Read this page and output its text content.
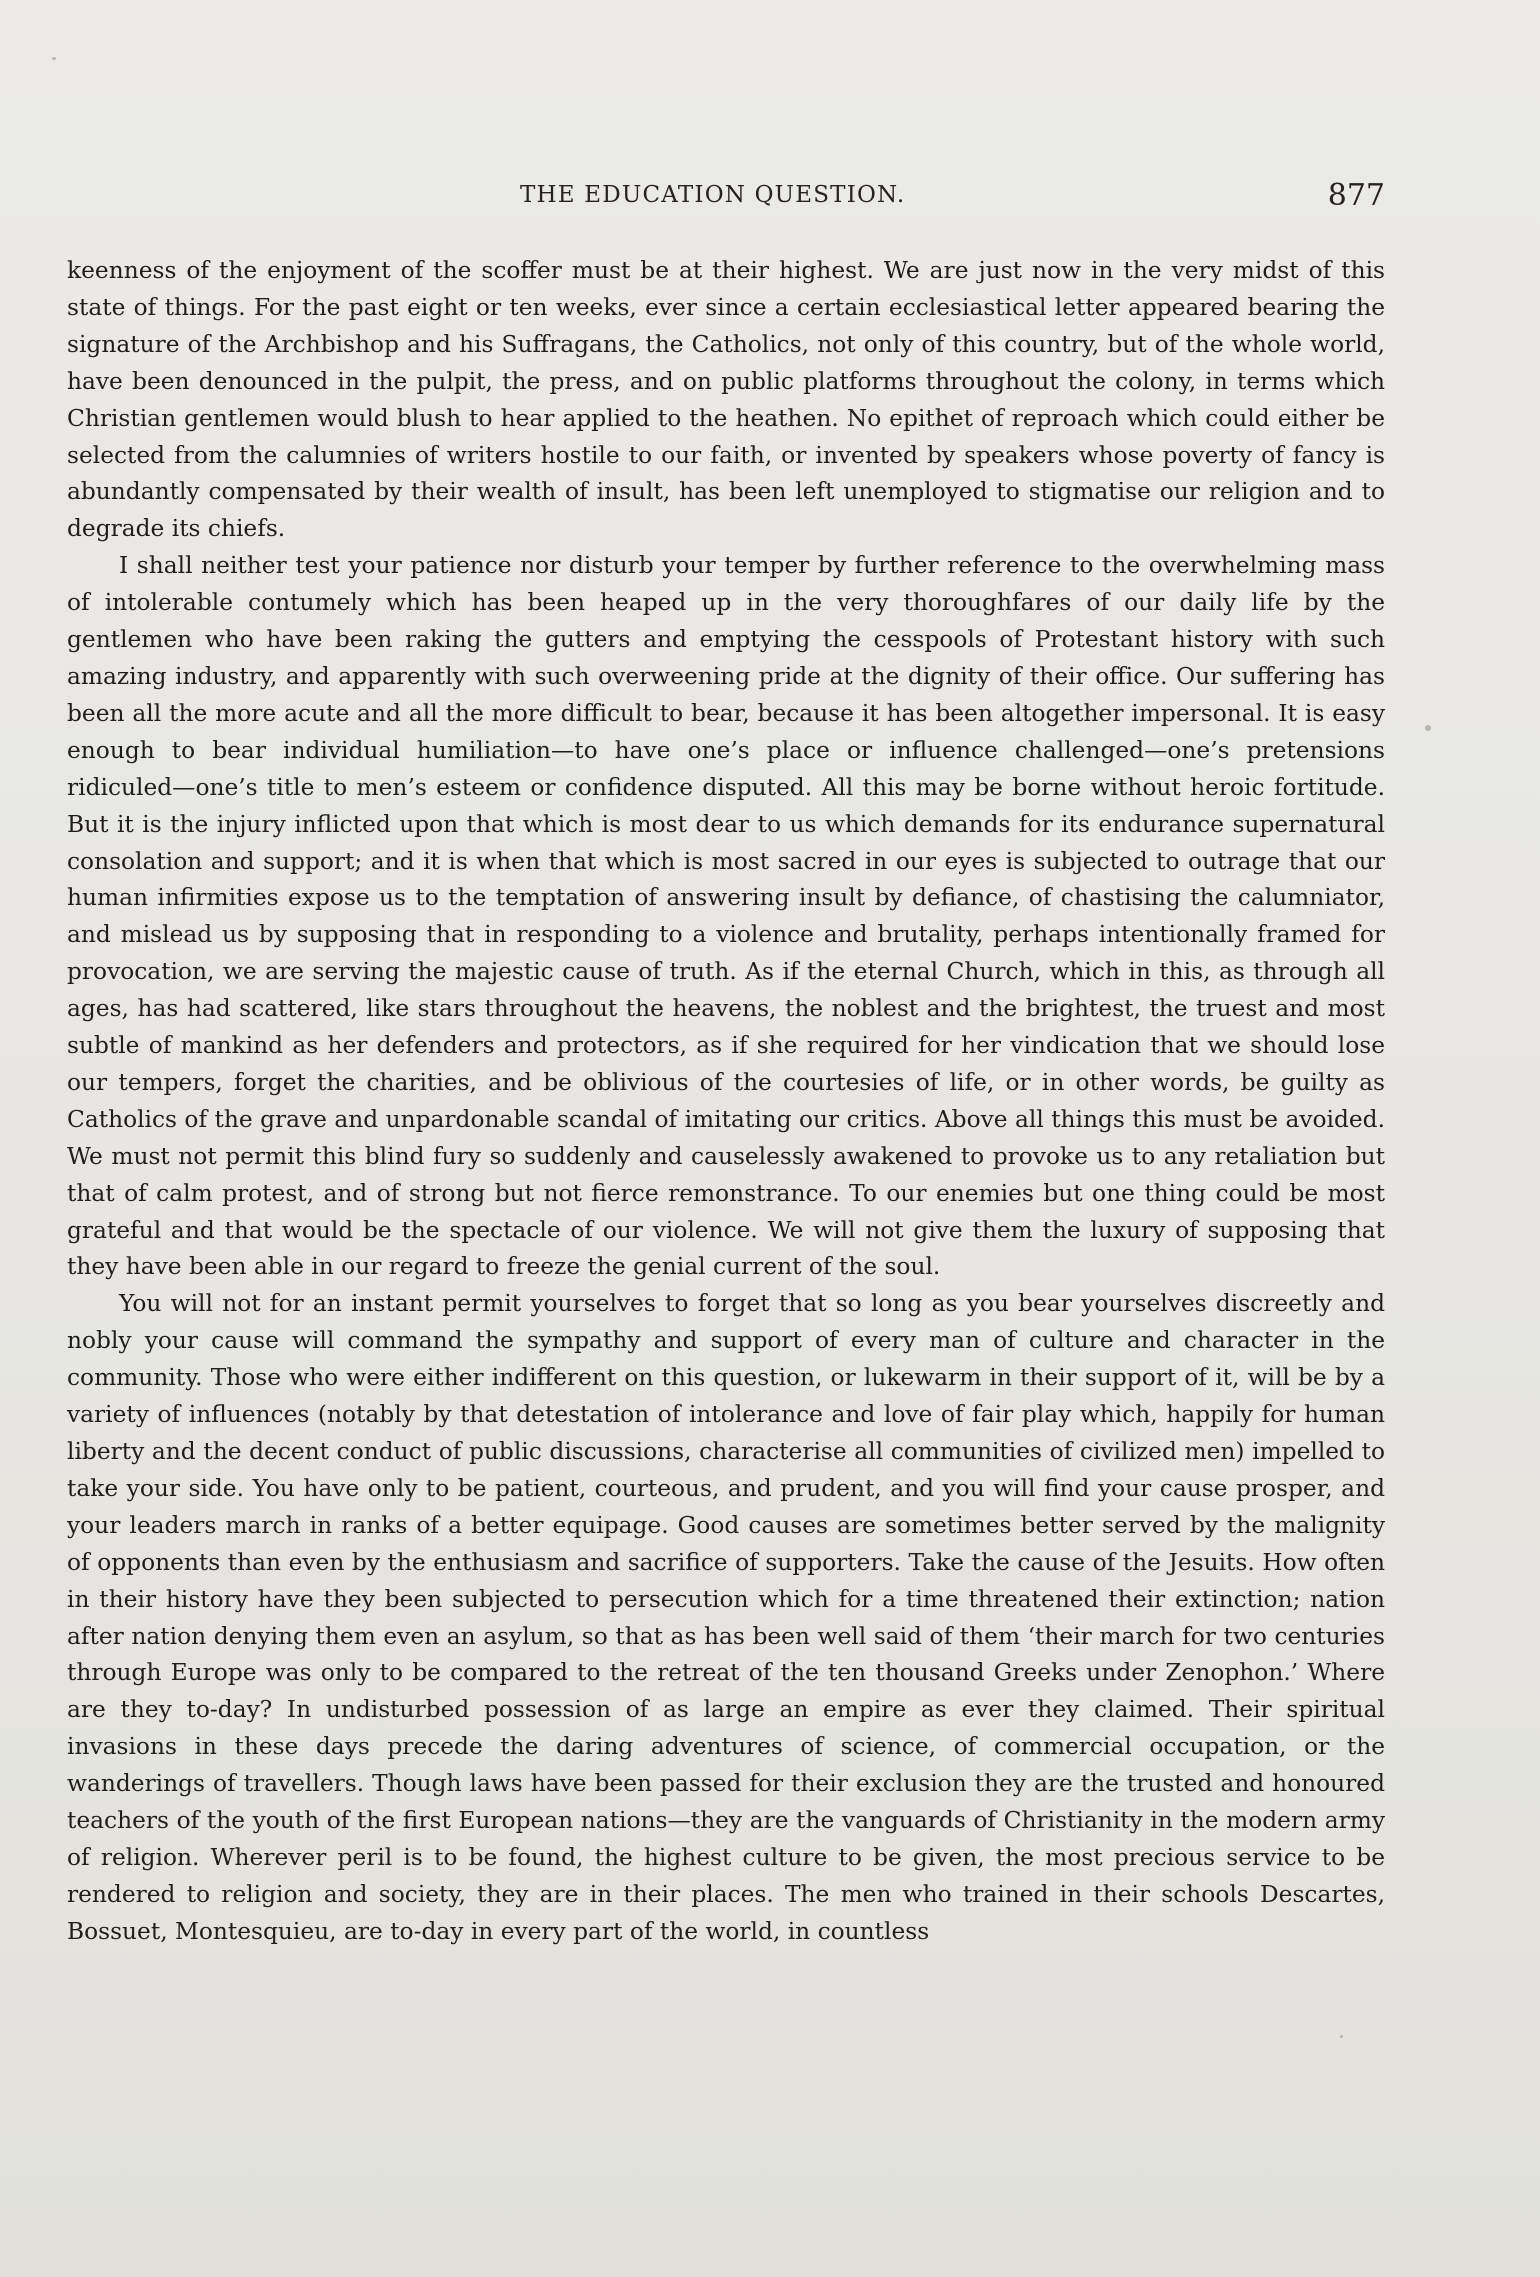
THE EDUCATION QUESTION.	877

keenness of the enjoyment of the scoffer must be at their highest. We are just now in the very midst of this state of things. For the past eight or ten weeks, ever since a certain ecclesiastical letter appeared bearing the signature of the Archbishop and his Suffragans, the Catholics, not only of this country, but of the whole world, have been denounced in the pulpit, the press, and on public platforms throughout the colony, in terms which Christian gentlemen would blush to hear applied to the heathen. No epithet of reproach which could either be selected from the calumnies of writers hostile to our faith, or invented by speakers whose poverty of fancy is abundantly compensated by their wealth of insult, has been left unemployed to stigmatise our religion and to degrade its chiefs.

I shall neither test your patience nor disturb your temper by further reference to the overwhelming mass of intolerable contumely which has been heaped up in the very thoroughfares of our daily life by the gentlemen who have been raking the gutters and emptying the cesspools of Protestant history with such amazing industry, and apparently with such overweening pride at the dignity of their office. Our suffering has been all the more acute and all the more difficult to bear, because it has been altogether impersonal. It is easy enough to bear individual humiliation—to have one’s place or influence challenged—one’s pretensions ridiculed—one’s title to men’s esteem or confidence disputed. All this may be borne without heroic fortitude. But it is the injury inflicted upon that which is most dear to us which demands for its endurance supernatural consolation and support; and it is when that which is most sacred in our eyes is subjected to outrage that our human infirmities expose us to the temptation of answering insult by defiance, of chastising the calumniator, and mislead us by supposing that in responding to a violence and brutality, perhaps intentionally framed for provocation, we are serving the majestic cause of truth. As if the eternal Church, which in this, as through all ages, has had scattered, like stars throughout the heavens, the noblest and the brightest, the truest and most subtle of mankind as her defenders and protectors, as if she required for her vindication that we should lose our tempers, forget the charities, and be oblivious of the courtesies of life, or in other words, be guilty as Catholics of the grave and unpardonable scandal of imitating our critics. Above all things this must be avoided. We must not permit this blind fury so suddenly and causelessly awakened to provoke us to any retaliation but that of calm protest, and of strong but not fierce remonstrance. To our enemies but one thing could be most grateful and that would be the spectacle of our violence. We will not give them the luxury of supposing that they have been able in our regard to freeze the genial current of the soul.

You will not for an instant permit yourselves to forget that so long as you bear yourselves discreetly and nobly your cause will command the sympathy and support of every man of culture and character in the community. Those who were either indifferent on this question, or lukewarm in their support of it, will be by a variety of influences (notably by that detestation of intolerance and love of fair play which, happily for human liberty and the decent conduct of public discussions, characterise all communities of civilized men) impelled to take your side. You have only to be patient, courteous, and prudent, and you will find your cause prosper, and your leaders march in ranks of a better equipage. Good causes are sometimes better served by the malignity of opponents than even by the enthusiasm and sacrifice of supporters. Take the cause of the Jesuits. How often in their history have they been subjected to persecution which for a time threatened their extinction; nation after nation denying them even an asylum, so that as has been well said of them ‘their march for two centuries through Europe was only to be compared to the retreat of the ten thousand Greeks under Zenophon.’ Where are they to-day? In undisturbed possession of as large an empire as ever they claimed. Their spiritual invasions in these days precede the daring adventures of science, of commercial occupation, or the wanderings of travellers. Though laws have been passed for their exclusion they are the trusted and honoured teachers of the youth of the first European nations—they are the vanguards of Christianity in the modern army of religion. Wherever peril is to be found, the highest culture to be given, the most precious service to be rendered to religion and society, they are in their places. The men who trained in their schools Descartes, Bossuet, Montesquieu, are to-day in every part of the world, in countless
